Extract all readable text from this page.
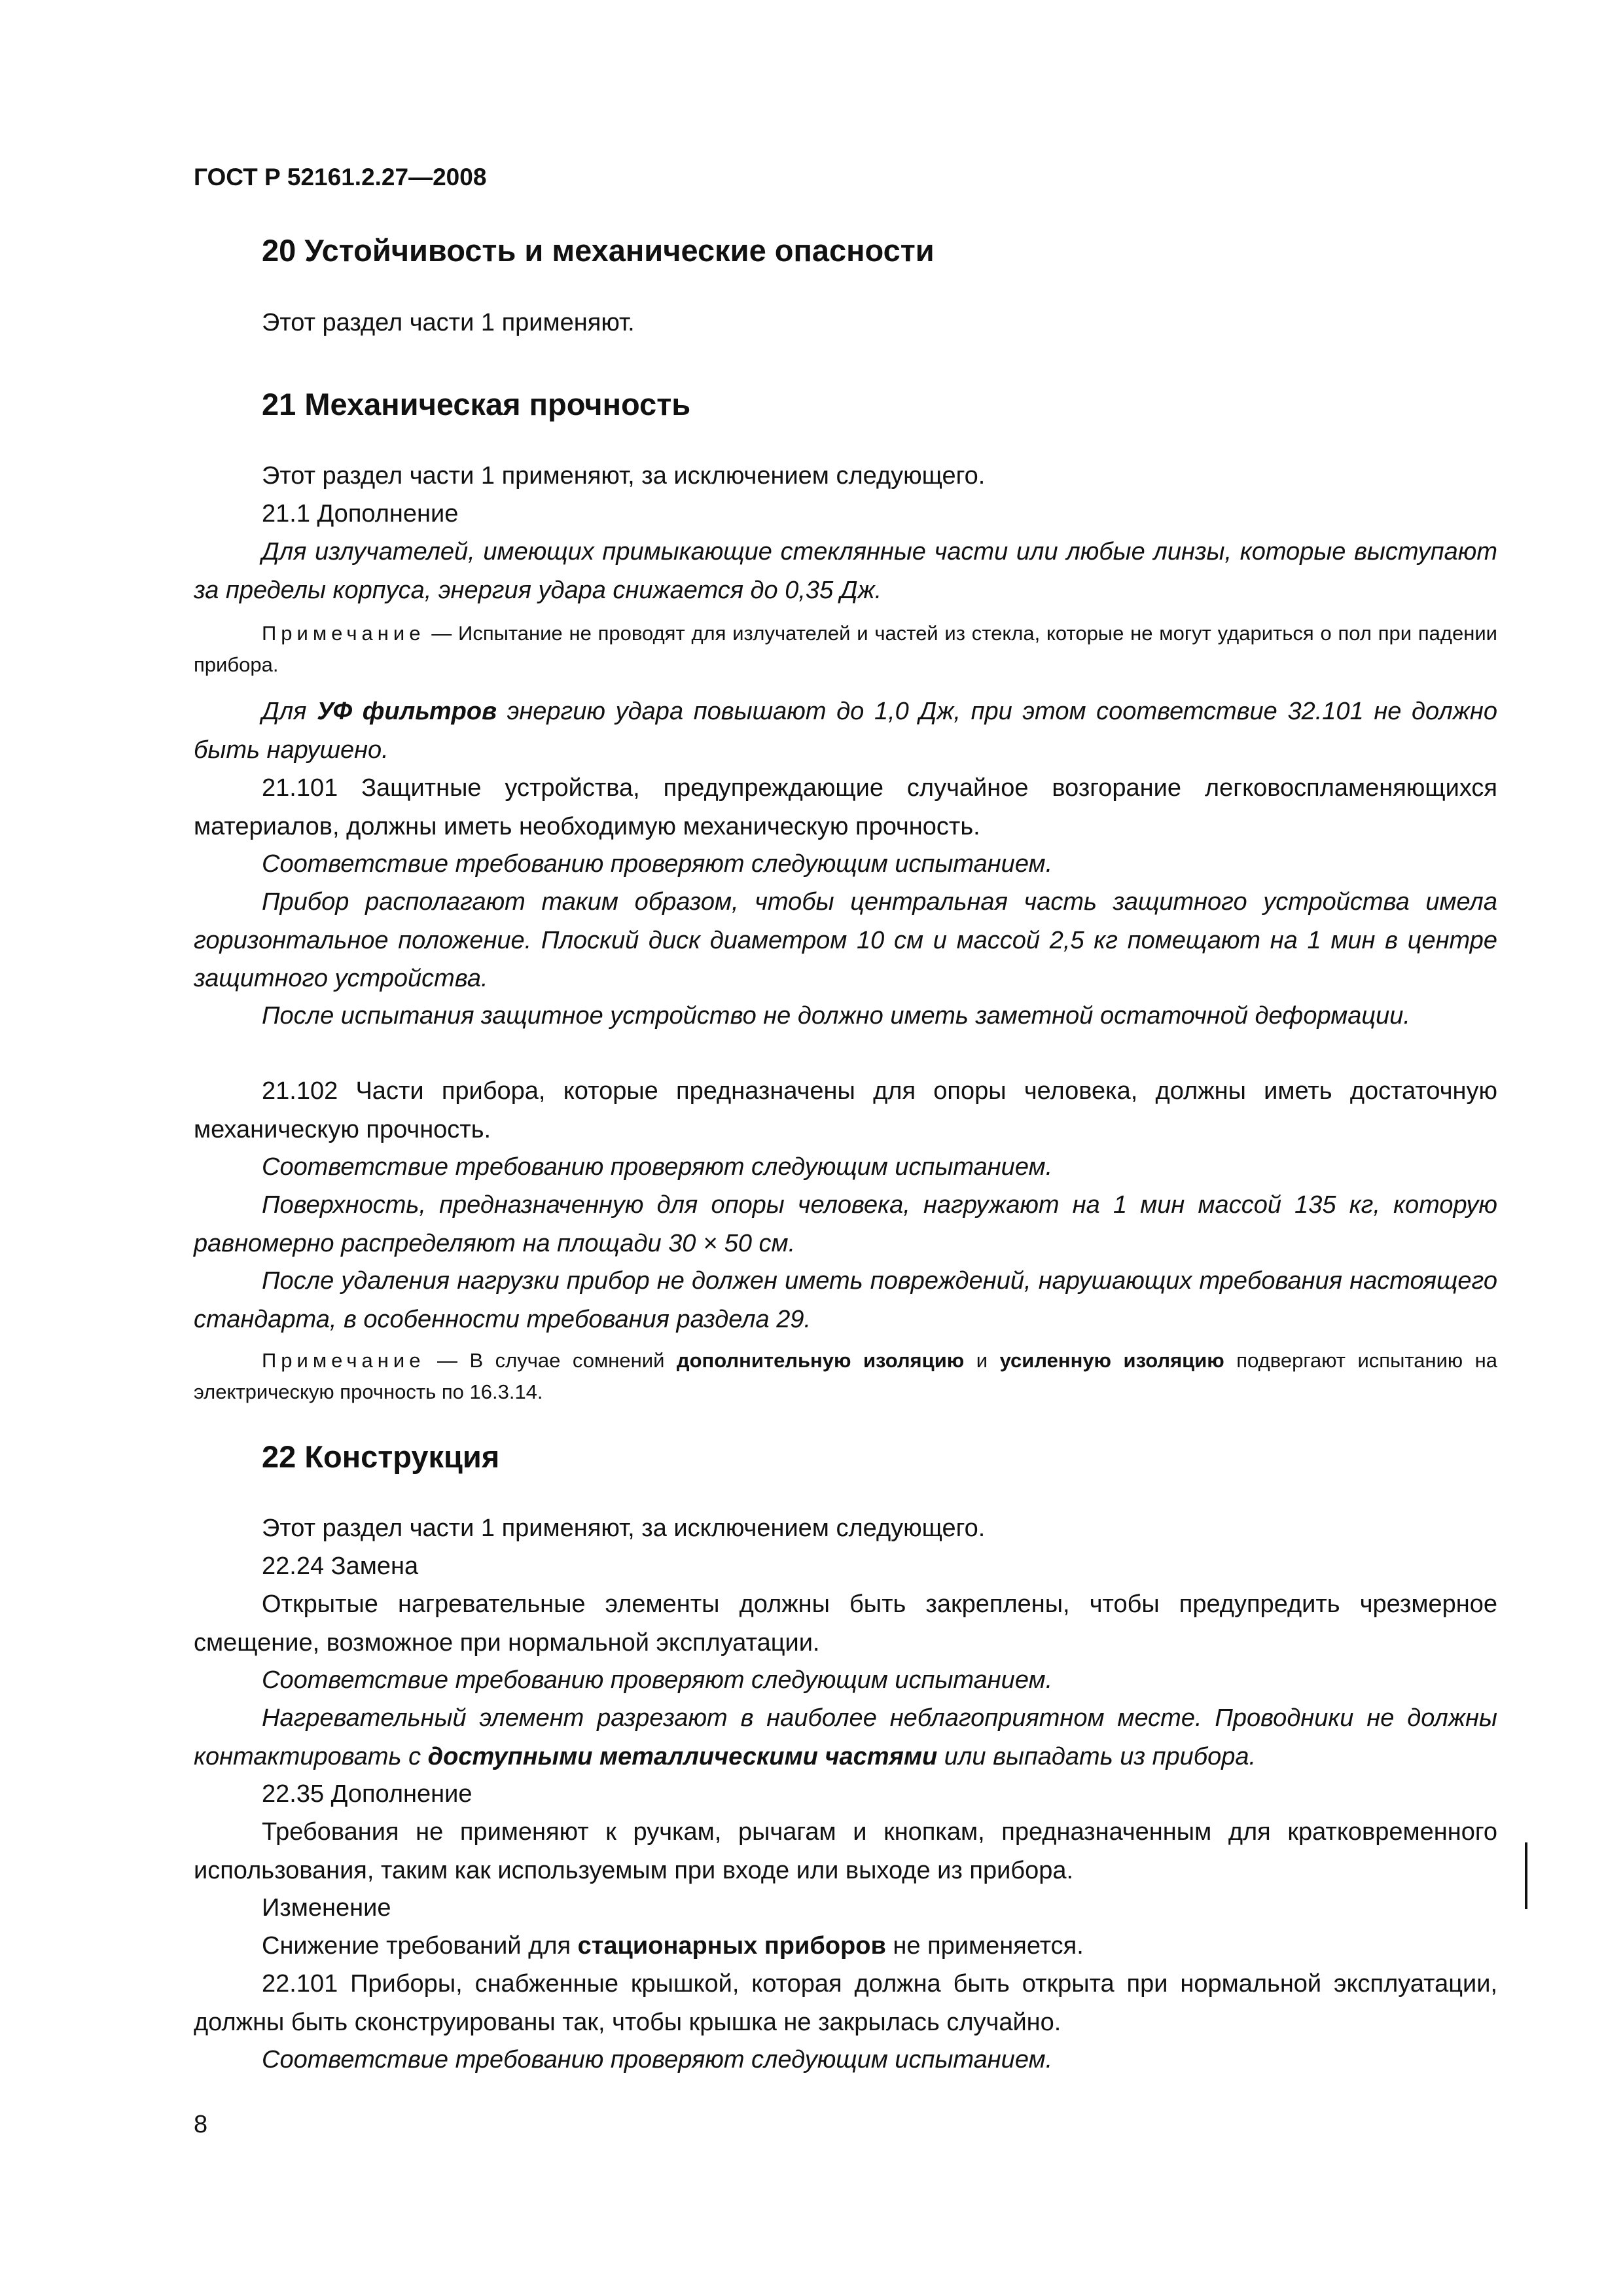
ГОСТ Р 52161.2.27—2008
20 Устойчивость и механические опасности

Этот раздел части 1 применяют.

21 Механическая прочность

Этот раздел части 1 применяют, за исключением следующего.

21.1 Дополнение

Для излучателей, имеющих примыкающие стеклянные части или любые линзы, которые выступают за пределы корпуса, энергия удара снижается до 0,35 Дж.

Примечание — Испытание не проводят для излучателей и частей из стекла, которые не могут удариться о пол при падении прибора.

Для УФ фильтров энергию удара повышают до 1,0 Дж, при этом соответствие 32.101 не должно быть нарушено.

21.101 Защитные устройства, предупреждающие случайное возгорание легковоспламеняющихся материалов, должны иметь необходимую механическую прочность.

Соответствие требованию проверяют следующим испытанием.

Прибор располагают таким образом, чтобы центральная часть защитного устройства имела горизонтальное положение. Плоский диск диаметром 10 см и массой 2,5 кг помещают на 1 мин в центре защитного устройства.

После испытания защитное устройство не должно иметь заметной остаточной деформации.

21.102 Части прибора, которые предназначены для опоры человека, должны иметь достаточную механическую прочность.

Соответствие требованию проверяют следующим испытанием.

Поверхность, предназначенную для опоры человека, нагружают на 1 мин массой 135 кг, которую равномерно распределяют на площади 30 × 50 см.

После удаления нагрузки прибор не должен иметь повреждений, нарушающих требования настоящего стандарта, в особенности требования раздела 29.

Примечание — В случае сомнений дополнительную изоляцию и усиленную изоляцию подвергают испытанию на электрическую прочность по 16.3.14.

22 Конструкция

Этот раздел части 1 применяют, за исключением следующего.

22.24 Замена

Открытые нагревательные элементы должны быть закреплены, чтобы предупредить чрезмерное смещение, возможное при нормальной эксплуатации.

Соответствие требованию проверяют следующим испытанием.

Нагревательный элемент разрезают в наиболее неблагоприятном месте. Проводники не должны контактировать с доступными металлическими частями или выпадать из прибора.

22.35 Дополнение

Требования не применяют к ручкам, рычагам и кнопкам, предназначенным для кратковременного использования, таким как используемым при входе или выходе из прибора.

Изменение

Снижение требований для стационарных приборов не применяется.

22.101 Приборы, снабженные крышкой, которая должна быть открыта при нормальной эксплуатации, должны быть сконструированы так, чтобы крышка не закрылась случайно.

Соответствие требованию проверяют следующим испытанием.

8
